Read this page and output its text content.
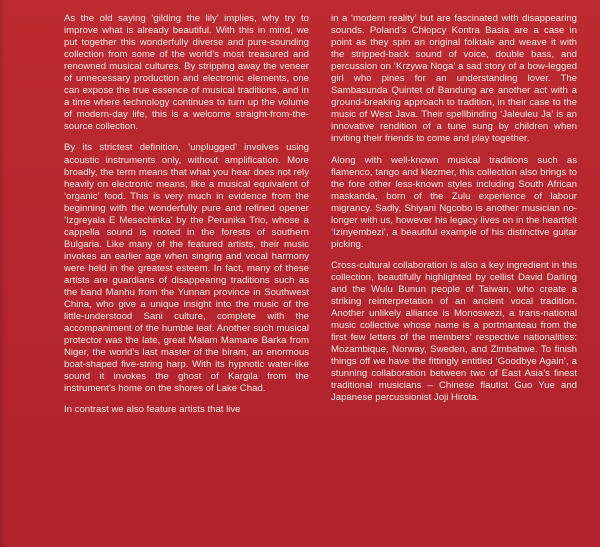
As the old saying ‘gilding the lily’ implies, why try to improve what is already beautiful. With this in mind, we put together this wonderfully diverse and pure-sounding collection from some of the world’s most treasured and renowned musical cultures. By stripping away the veneer of unnecessary production and electronic elements, one can expose the true essence of musical traditions, and in a time where technology continues to turn up the volume of modern-day life, this is a welcome straight-from-the-source collection.

By its strictest definition, ‘unplugged’ involves using acoustic instruments only, without amplification. More broadly, the term means that what you hear does not rely heavily on electronic means, like a musical equivalent of ‘organic’ food. This is very much in evidence from the beginning with the wonderfully pure and refined opener ‘Izgreyala E Mesechinka’ by the Perunika Trio, whose a cappella sound is rooted in the forests of southern Bulgaria. Like many of the featured artists, their music invokes an earlier age when singing and vocal harmony were held in the greatest esteem. In fact, many of these artists are guardians of disappearing traditions such as the band Manhu from the Yunnan province in Southwest China, who give a unique insight into the music of the little-understood Sani culture, complete with the accompaniment of the humble leaf. Another such musical protector was the late, great Malam Mamane Barka from Niger, the world’s last master of the biram, an enormous boat-shaped five-string harp. With its hypnotic water-like sound it invokes the ghost of Kargila from the instrument’s home on the shores of Lake Chad.

In contrast we also feature artists that live

in a ‘modern reality’ but are fascinated with disappearing sounds. Poland’s Chłopcy Kontra Basia are a case in point as they spin an original folktale and weave it with the stripped-back sound of voice, double bass, and percussion on ‘Krzywa Noga’ a sad story of a bow-legged girl who pines for an understanding lover. The Sambasunda Quintet of Bandung are another act with a ground-breaking approach to tradition, in their case to the music of West Java. Their spellbinding ‘Jaleuleu Ja’ is an innovative rendition of a tune sung by children when inviting their friends to come and play together.

Along with well-known musical traditions such as flamenco, tango and klezmer, this collection also brings to the fore other less-known styles including South African maskanda, born of the Zulu experience of labour migrancy. Sadly, Shiyani Ngcobo is another musician no-longer with us, however his legacy lives on in the heartfelt ‘Izinyembezi’, a beautiful example of his distinctive guitar picking.

Cross-cultural collaboration is also a key ingredient in this collection, beautifully highlighted by cellist David Darling and the Wulu Bunun people of Taiwan, who create a striking reinterpretation of an ancient vocal tradition. Another unlikely alliance is Monoswezi, a trans-national music collective whose name is a portmanteau from the first few letters of the members’ respective nationalities: Mozambique, Norway, Sweden, and Zimbabwe. To finish things off we have the fittingly entitled ‘Goodbye Again’, a stunning collaboration between two of East Asia’s finest traditional musicians – Chinese flautist Guo Yue and Japanese percussionist Joji Hirota.
